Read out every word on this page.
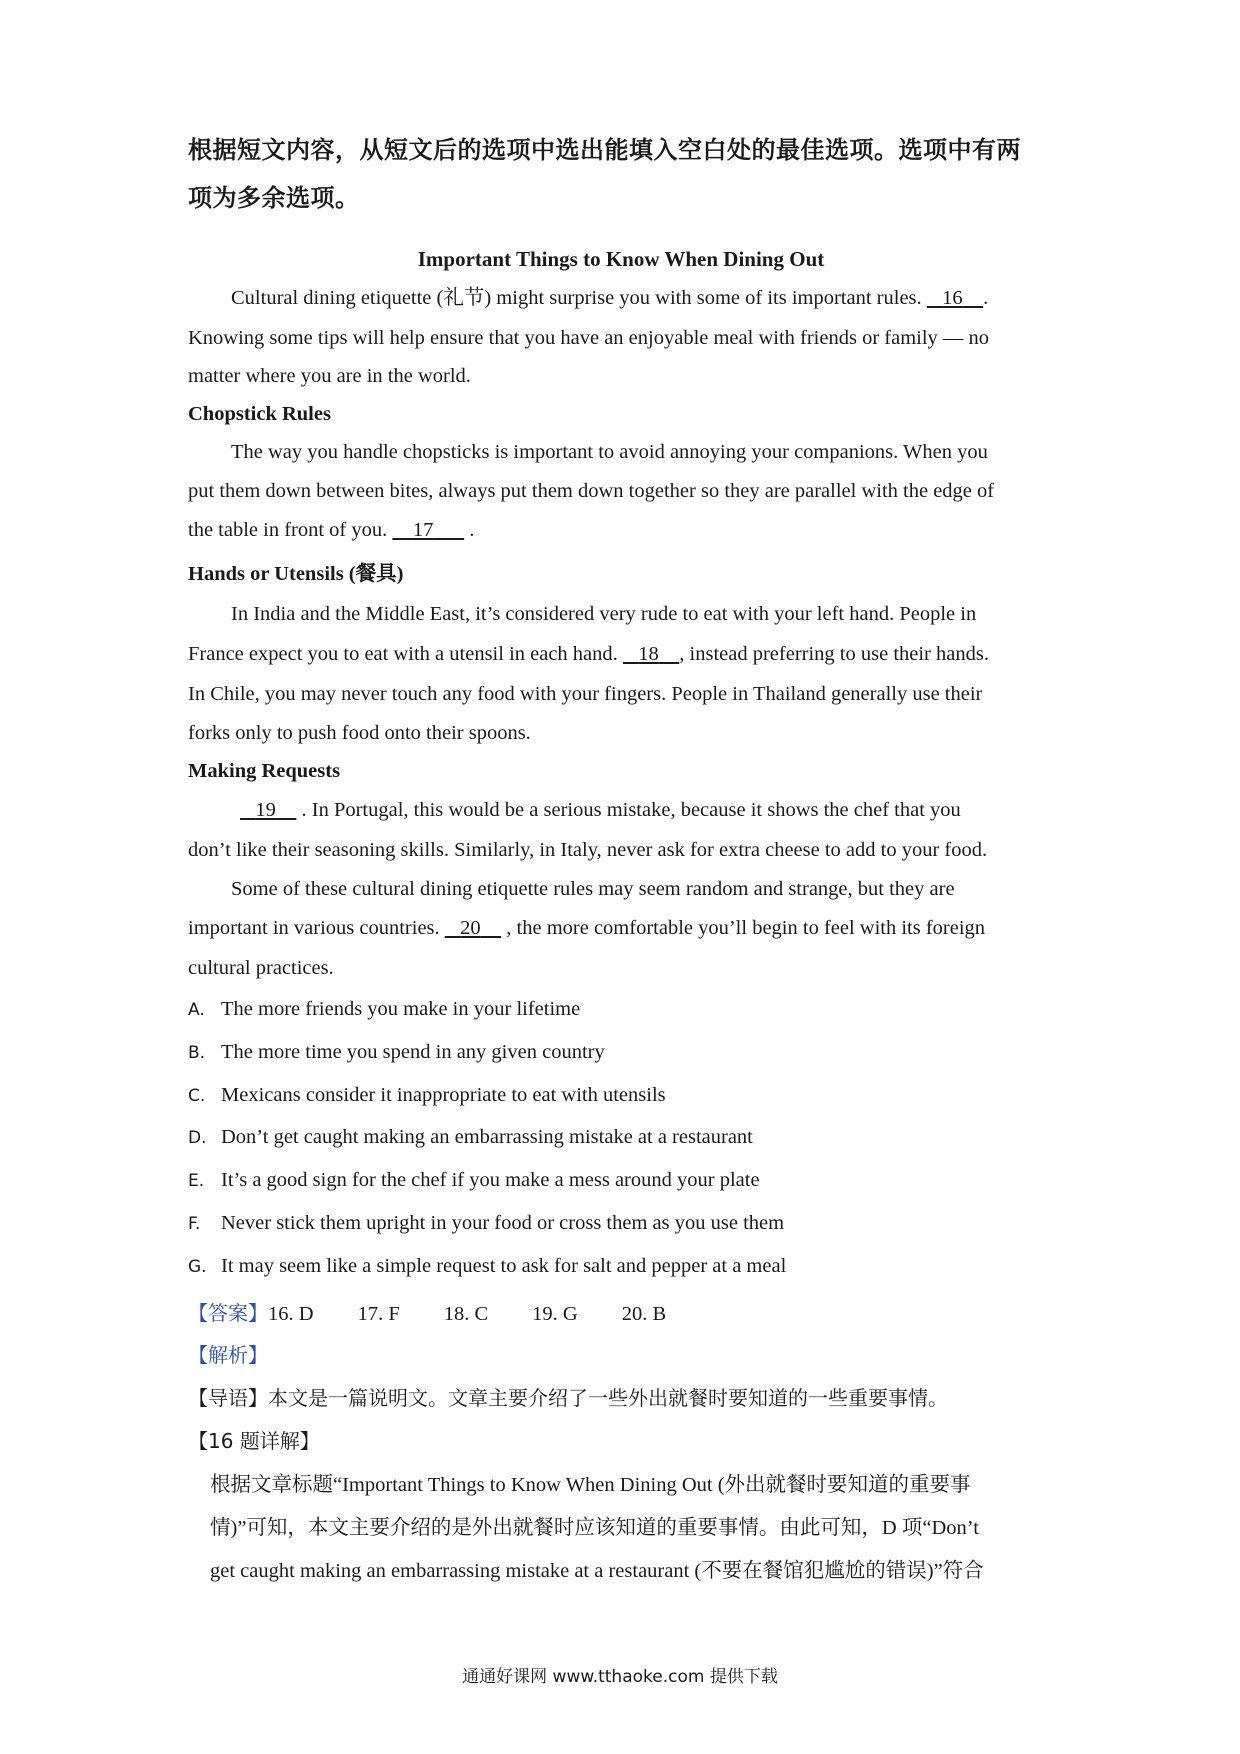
根据短文内容，从短文后的选项中选出能填入空白处的最佳选项。选项中有两
项为多余选项。
Important Things to Know When Dining Out
Cultural dining etiquette (礼节) might surprise you with some of its important rules.    16 .
Knowing some tips will help ensure that you have an enjoyable meal with friends or family — no
matter where you are in the world.
Chopstick Rules
The way you handle chopsticks is important to avoid annoying your companions. When you
put them down between bites, always put them down together so they are parallel with the edge of
the table in front of you.     17       .
Hands or Utensils (餐具)
In India and the Middle East, it’s considered very rude to eat with your left hand. People in
France expect you to eat with a utensil in each hand.    18 , instead preferring to use their hands.
In Chile, you may never touch any food with your fingers. People in Thailand generally use their
forks only to push food onto their spoons.
Making Requests
19     . In Portugal, this would be a serious mistake, because it shows the chef that you
don’t like their seasoning skills. Similarly, in Italy, never ask for extra cheese to add to your food.
Some of these cultural dining etiquette rules may seem random and strange, but they are
important in various countries.    20     , the more comfortable you’ll begin to feel with its foreign
cultural practices.
A. The more friends you make in your lifetime
B. The more time you spend in any given country
C. Mexicans consider it inappropriate to eat with utensils
D. Don’t get caught making an embarrassing mistake at a restaurant
E. It’s a good sign for the chef if you make a mess around your plate
F. Never stick them upright in your food or cross them as you use them
G. It may seem like a simple request to ask for salt and pepper at a meal
【答案】16. D 17. F 18. C 19. G 20. B
【解析】
【导语】本文是一篇说明文。文章主要介绍了一些外出就餐时要知道的一些重要事情。
【16 题详解】
根据文章标题“Important Things to Know When Dining Out (外出就餐时要知道的重要事
情)”可知，本文主要介绍的是外出就餐时应该知道的重要事情。由此可知，D 项“Don’t
get caught making an embarrassing mistake at a restaurant (不要在餐馆犯尴尬的错误)”符合
通通好课网 www.tthaoke.com 提供下载
